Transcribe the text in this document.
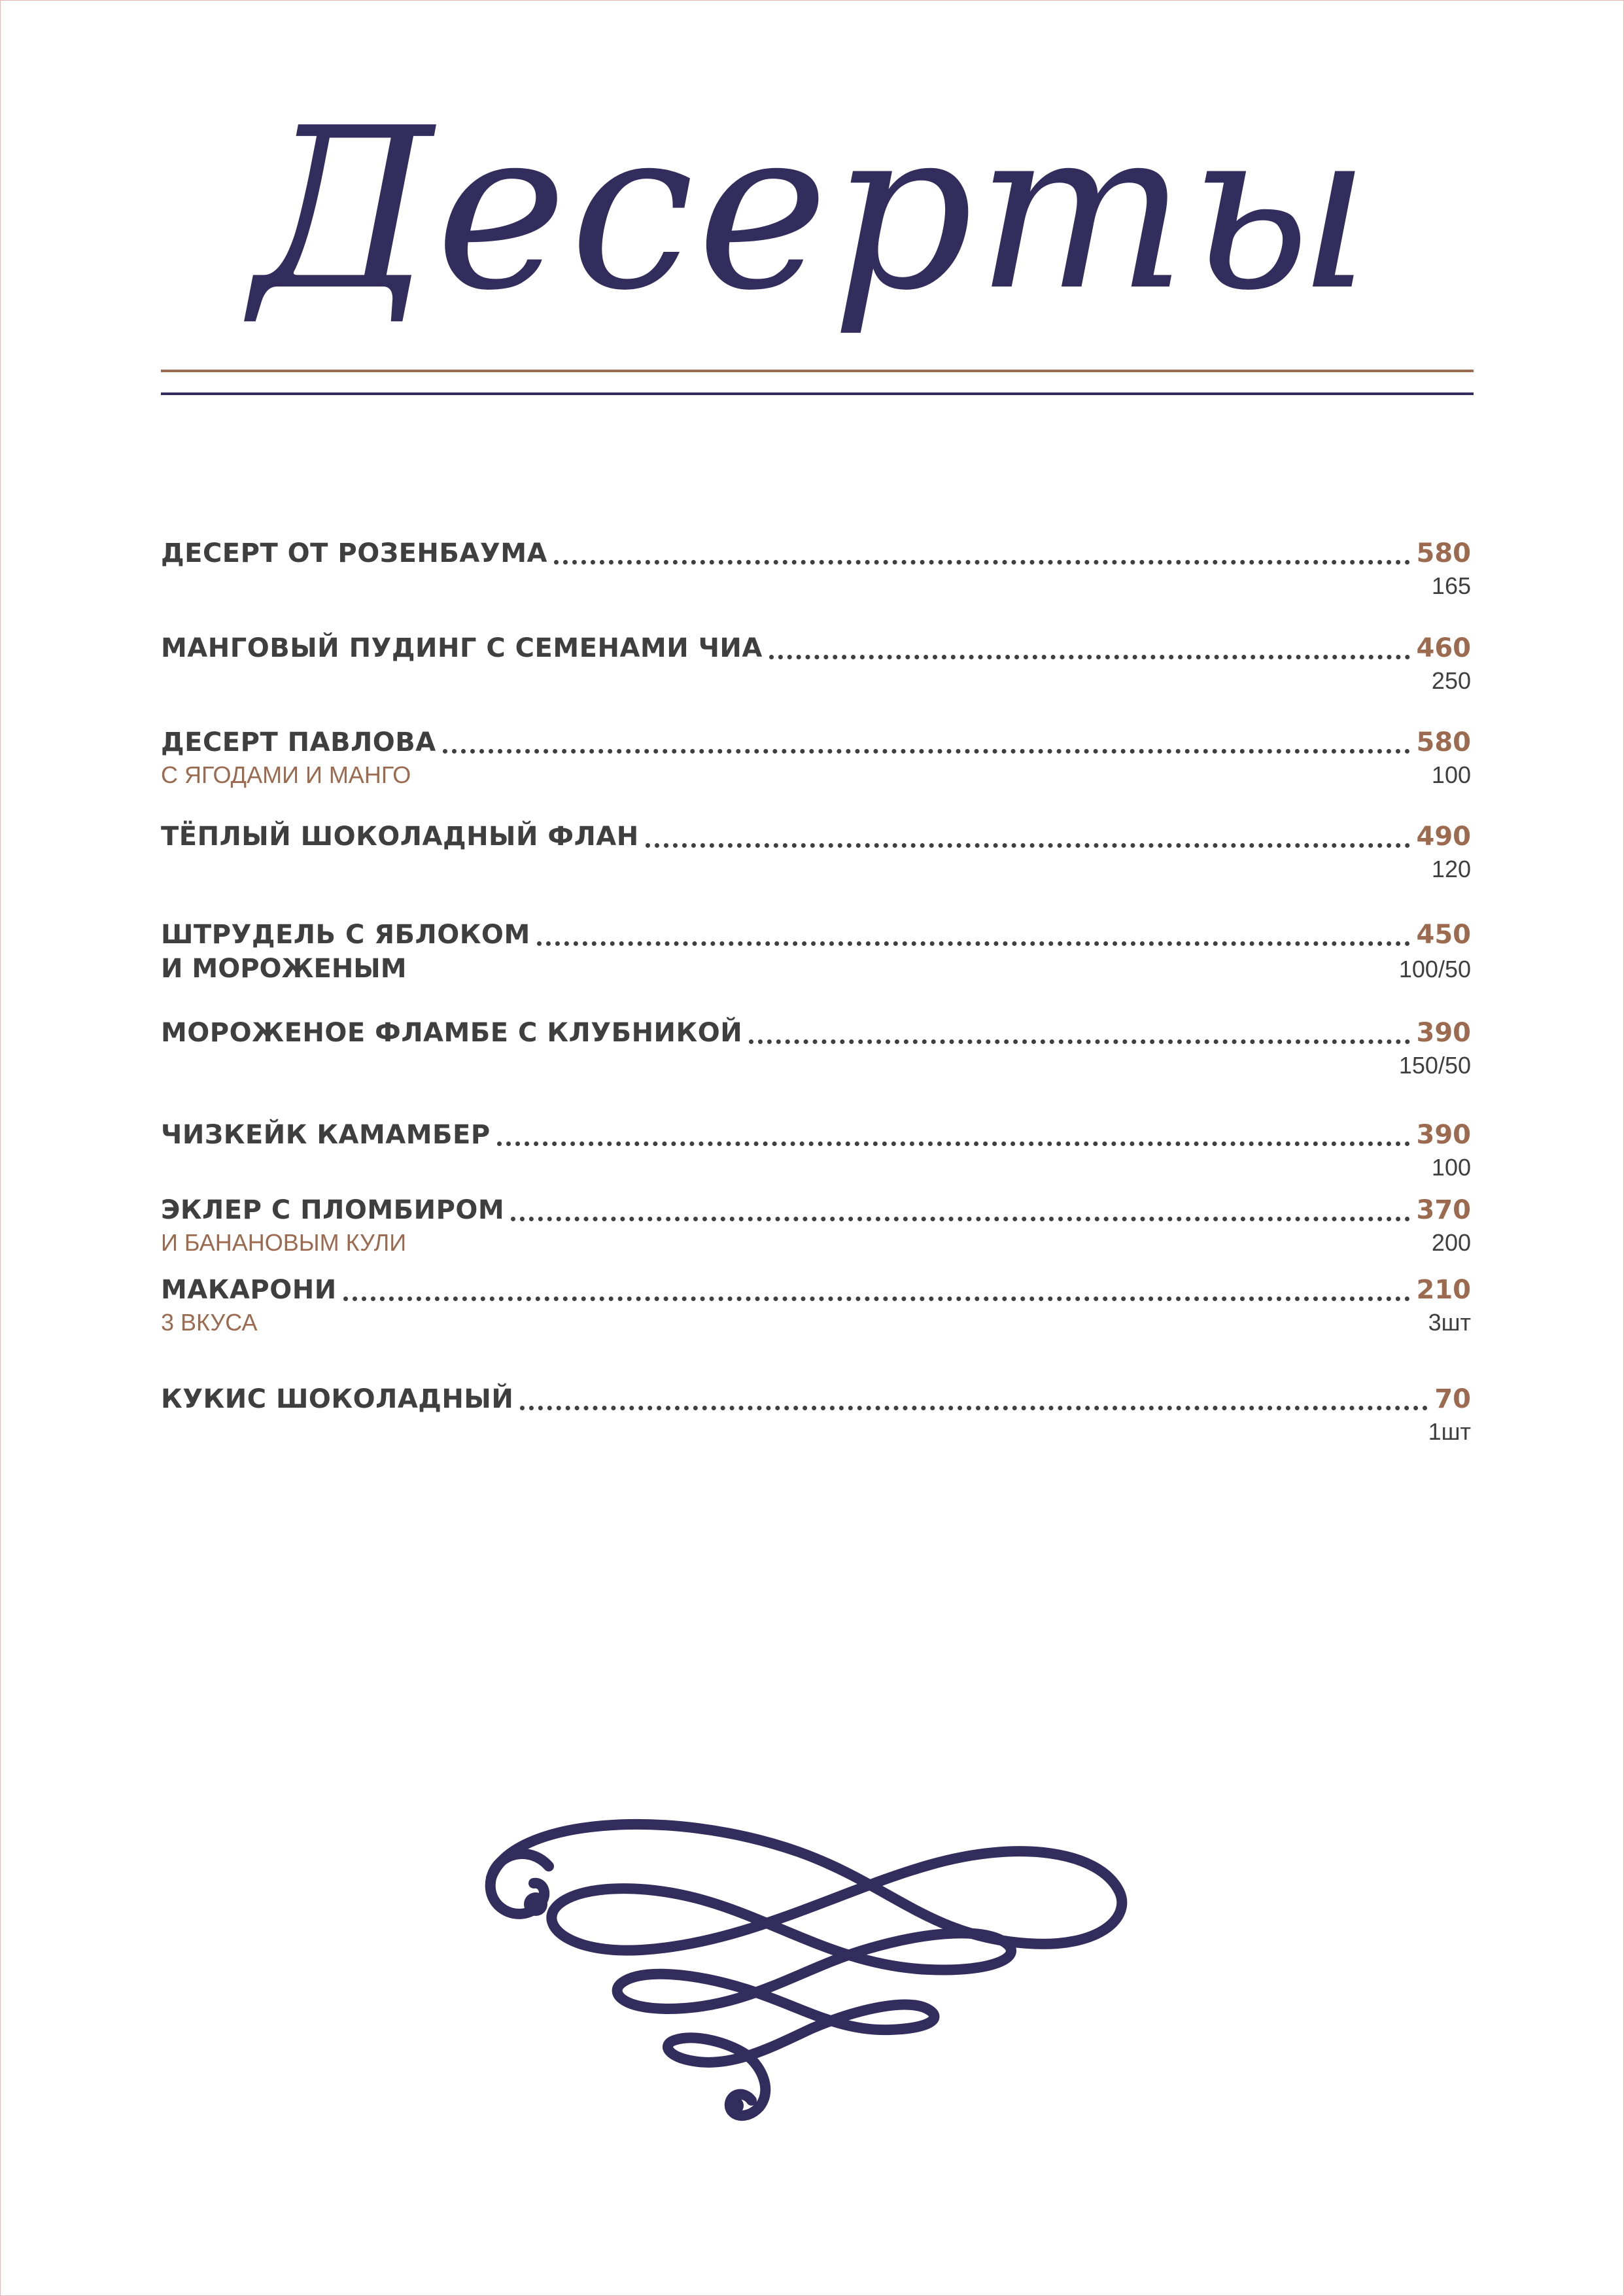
Десерты
ДЕСЕРТ ОТ РОЗЕНБАУМА	580
165
МАНГОВЫЙ ПУДИНГ С СЕМЕНАМИ ЧИА	460
250
ДЕСЕРТ ПАВЛОВА	580
С ЯГОДАМИ И МАНГО	100
ТЁПЛЫЙ ШОКОЛАДНЫЙ ФЛАН	490
120
ШТРУДЕЛЬ С ЯБЛОКОМ	450
И МОРОЖЕНЫМ	100/50
МОРОЖЕНОЕ ФЛАМБЕ С КЛУБНИКОЙ	390
150/50
ЧИЗКЕЙК КАМАМБЕР	390
100
ЭКЛЕР С ПЛОМБИРОМ	370
И БАНАНОВЫМ КУЛИ	200
МАКАРОНИ	210
3 ВКУСА	3шт
КУКИС ШОКОЛАДНЫЙ	70
1шт
